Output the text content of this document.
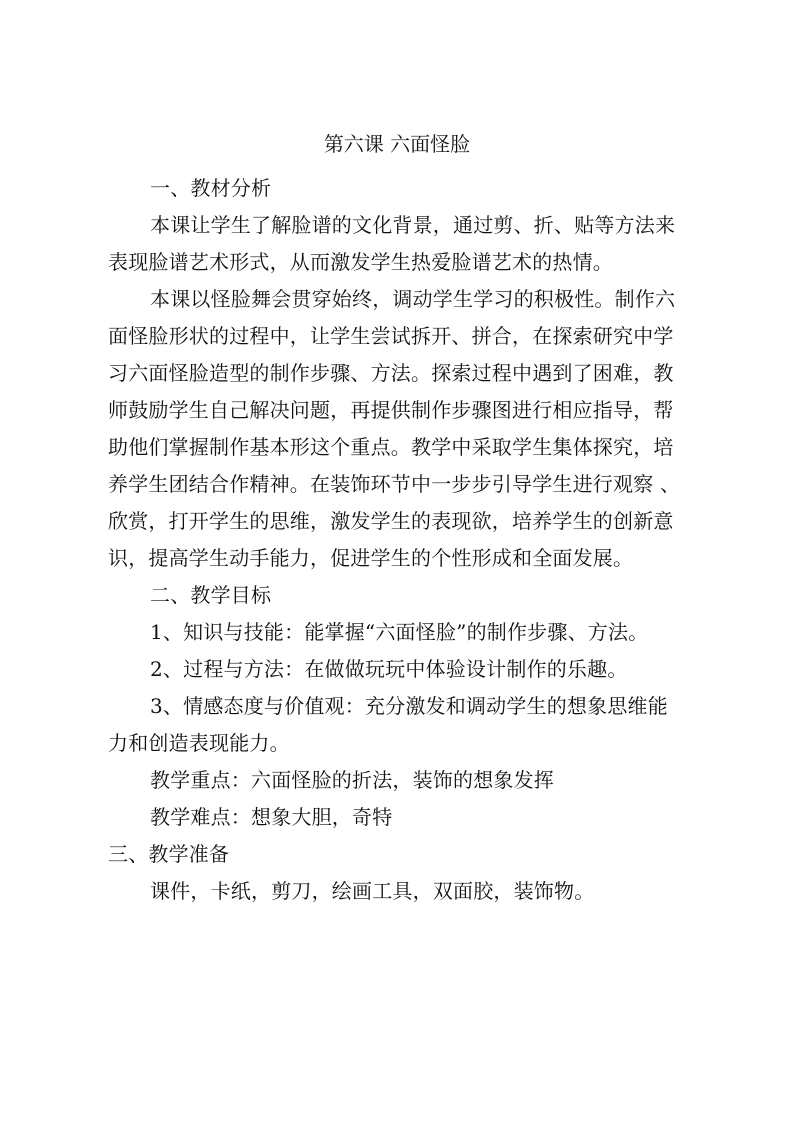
第六课 六面怪脸
一、教材分析
本课让学生了解脸谱的文化背景，通过剪、折、贴等方法来
表现脸谱艺术形式，从而激发学生热爱脸谱艺术的热情。
本课以怪脸舞会贯穿始终，调动学生学习的积极性。制作六
面怪脸形状的过程中，让学生尝试拆开、拼合，在探索研究中学
习六面怪脸造型的制作步骤、方法。探索过程中遇到了困难，教
师鼓励学生自己解决问题，再提供制作步骤图进行相应指导，帮
助他们掌握制作基本形这个重点。教学中采取学生集体探究，培
养学生团结合作精神。在装饰环节中一步步引导学生进行观察 、
欣赏，打开学生的思维，激发学生的表现欲，培养学生的创新意
识，提高学生动手能力，促进学生的个性形成和全面发展。
二、教学目标
1、知识与技能：能掌握“六面怪脸”的制作步骤、方法。
2、过程与方法：在做做玩玩中体验设计制作的乐趣。
3、情感态度与价值观：充分激发和调动学生的想象思维能
力和创造表现能力。
教学重点：六面怪脸的折法，装饰的想象发挥
教学难点：想象大胆，奇特
三、教学准备
课件，卡纸，剪刀，绘画工具，双面胶，装饰物。
